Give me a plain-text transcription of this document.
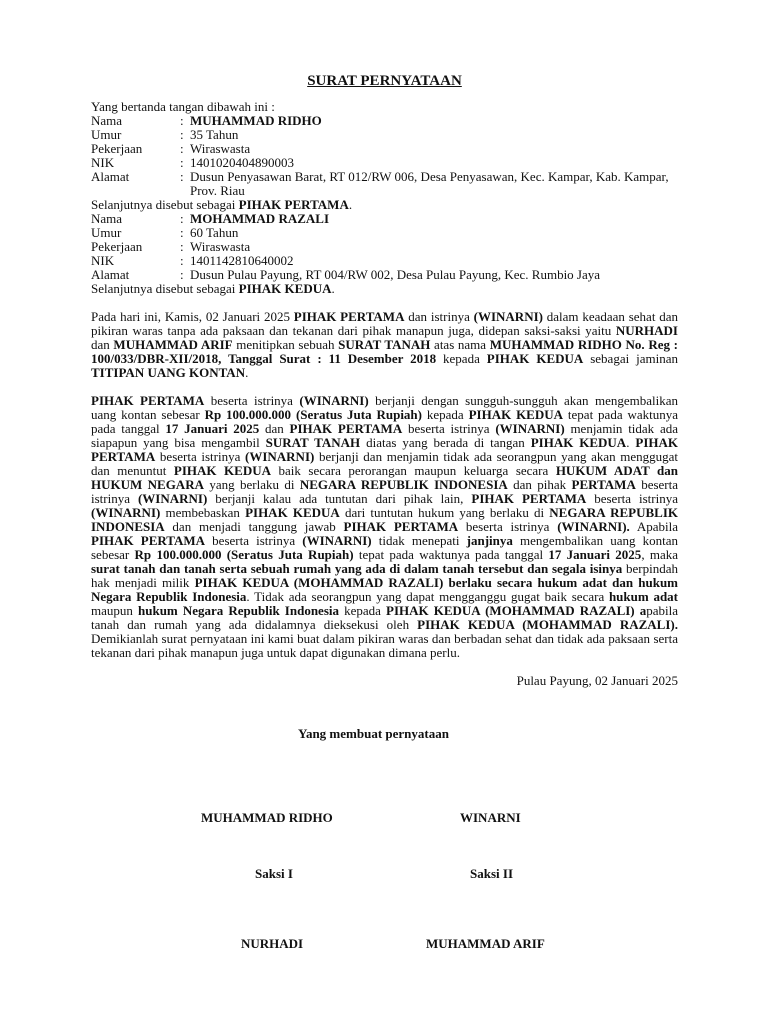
SURAT PERNYATAAN
Yang bertanda tangan dibawah ini :
Nama	: MUHAMMAD RIDHO
Umur	: 35 Tahun
Pekerjaan	: Wiraswasta
NIK	: 1401020404890003
Alamat	: Dusun Penyasawan Barat, RT 012/RW 006, Desa Penyasawan, Kec. Kampar, Kab. Kampar, Prov. Riau
Selanjutnya disebut sebagai PIHAK PERTAMA.
Nama	: MOHAMMAD RAZALI
Umur	: 60 Tahun
Pekerjaan	: Wiraswasta
NIK	: 1401142810640002
Alamat	: Dusun Pulau Payung, RT 004/RW 002, Desa Pulau Payung, Kec. Rumbio Jaya
Selanjutnya disebut sebagai PIHAK KEDUA.
Pada hari ini, Kamis, 02 Januari 2025 PIHAK PERTAMA dan istrinya (WINARNI) dalam keadaan sehat dan pikiran waras tanpa ada paksaan dan tekanan dari pihak manapun juga, didepan saksi-saksi yaitu NURHADI dan MUHAMMAD ARIF menitipkan sebuah SURAT TANAH atas nama MUHAMMAD RIDHO No. Reg : 100/033/DBR-XII/2018, Tanggal Surat : 11 Desember 2018 kepada PIHAK KEDUA sebagai jaminan TITIPAN UANG KONTAN.
PIHAK PERTAMA beserta istrinya (WINARNI) berjanji dengan sungguh-sungguh akan mengembalikan uang kontan sebesar Rp 100.000.000 (Seratus Juta Rupiah) kepada PIHAK KEDUA tepat pada waktunya pada tanggal 17 Januari 2025 dan PIHAK PERTAMA beserta istrinya (WINARNI) menjamin tidak ada siapapun yang bisa mengambil SURAT TANAH diatas yang berada di tangan PIHAK KEDUA. PIHAK PERTAMA beserta istrinya (WINARNI) berjanji dan menjamin tidak ada seorangpun yang akan menggugat dan menuntut PIHAK KEDUA baik secara perorangan maupun keluarga secara HUKUM ADAT dan HUKUM NEGARA yang berlaku di NEGARA REPUBLIK INDONESIA dan pihak PERTAMA beserta istrinya (WINARNI) berjanji kalau ada tuntutan dari pihak lain, PIHAK PERTAMA beserta istrinya (WINARNI) membebaskan PIHAK KEDUA dari tuntutan hukum yang berlaku di NEGARA REPUBLIK INDONESIA dan menjadi tanggung jawab PIHAK PERTAMA beserta istrinya (WINARNI). Apabila PIHAK PERTAMA beserta istrinya (WINARNI) tidak menepati janjinya mengembalikan uang kontan sebesar Rp 100.000.000 (Seratus Juta Rupiah) tepat pada waktunya pada tanggal 17 Januari 2025, maka surat tanah dan tanah serta sebuah rumah yang ada di dalam tanah tersebut dan segala isinya berpindah hak menjadi milik PIHAK KEDUA (MOHAMMAD RAZALI) berlaku secara hukum adat dan hukum Negara Republik Indonesia. Tidak ada seorangpun yang dapat mengganggu gugat baik secara hukum adat maupun hukum Negara Republik Indonesia kepada PIHAK KEDUA (MOHAMMAD RAZALI) apabila tanah dan rumah yang ada didalamnya dieksekusi oleh PIHAK KEDUA (MOHAMMAD RAZALI). Demikianlah surat pernyataan ini kami buat dalam pikiran waras dan berbadan sehat dan tidak ada paksaan serta tekanan dari pihak manapun juga untuk dapat digunakan dimana perlu.
Pulau Payung, 02 Januari 2025
Yang membuat pernyataan
MUHAMMAD RIDHO	WINARNI
Saksi I	Saksi II
NURHADI	MUHAMMAD ARIF
